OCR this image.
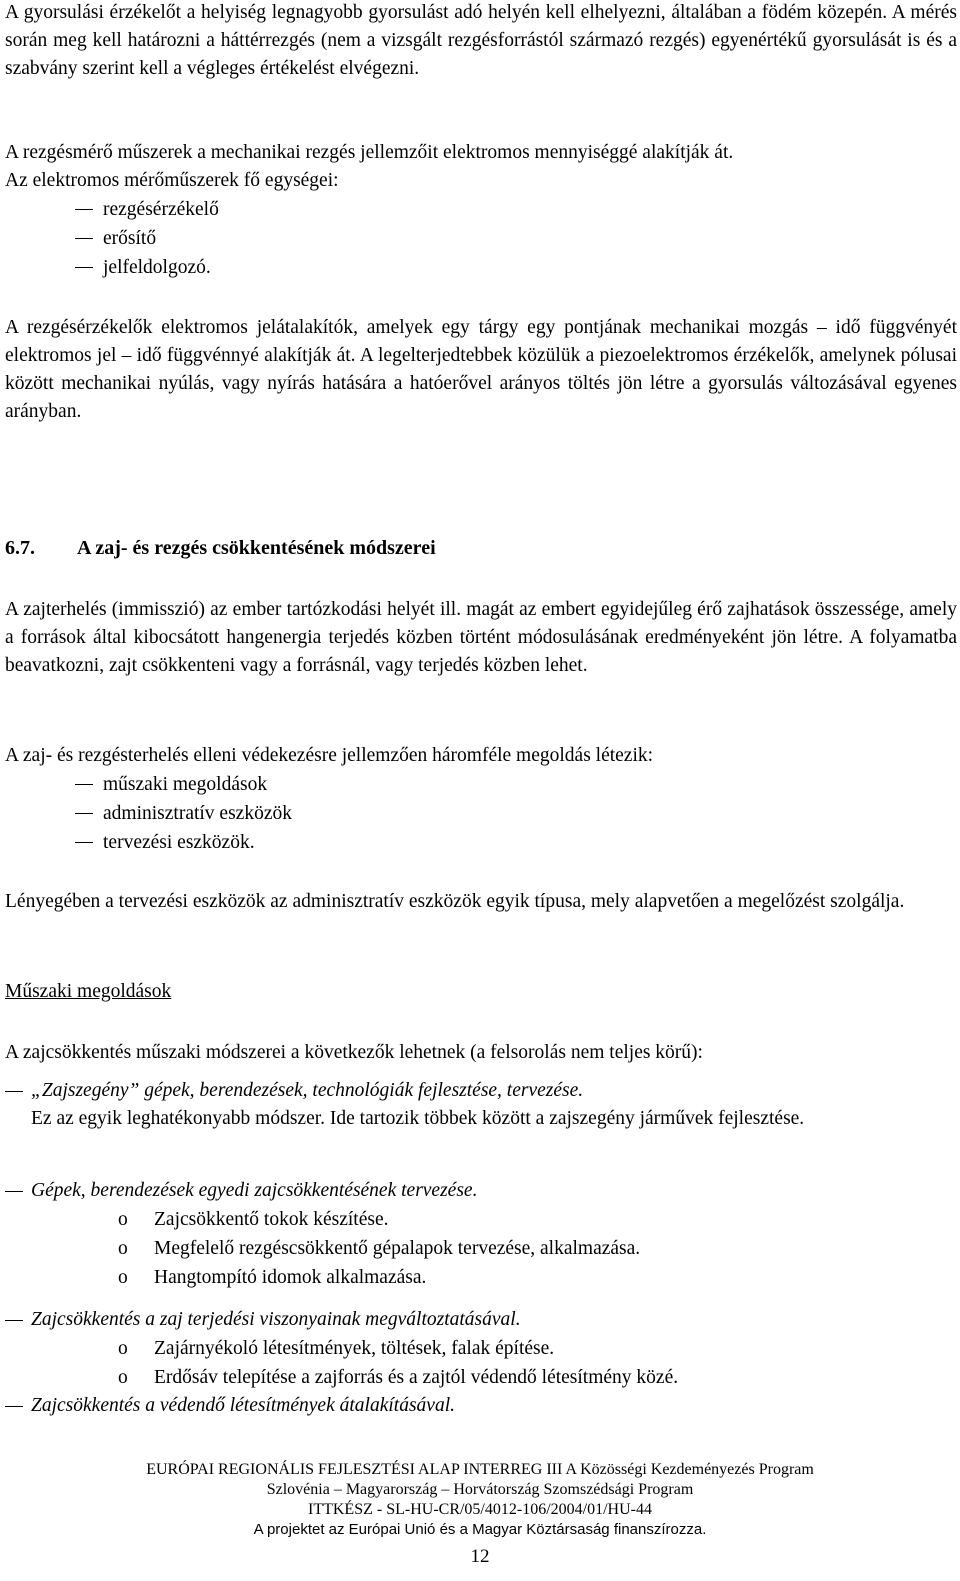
A gyorsulási érzékelőt a helyiség legnagyobb gyorsulást adó helyén kell elhelyezni, általában a födém közepén. A mérés során meg kell határozni a háttérrezgés (nem a vizsgált rezgésforrástól származó rezgés) egyenértékű gyorsulását is és a szabvány szerint kell a végleges értékelést elvégezni.
A rezgésmérő műszerek a mechanikai rezgés jellemzőit elektromos mennyiséggé alakítják át.
Az elektromos mérőműszerek fő egységei:
rezgésérzékelő
erősítő
jelfeldolgozó.
A rezgésérzékelők elektromos jelátalakítók, amelyek egy tárgy egy pontjának mechanikai mozgás – idő függvényét elektromos jel – idő függvénnyé alakítják át. A legelterjedtebbek közülük a piezoelektromos érzékelők, amelynek pólusai között mechanikai nyúlás, vagy nyírás hatására a hatóerővel arányos töltés jön létre a gyorsulás változásával egyenes arányban.
6.7. A zaj- és rezgés csökkentésének módszerei
A zajterhelés (immisszió) az ember tartózkodási helyét ill. magát az embert egyidejűleg érő zajhatások összessége, amely a források által kibocsátott hangenergia terjedés közben történt módosulásának eredményeként jön létre. A folyamatba beavatkozni, zajt csökkenteni vagy a forrásnál, vagy terjedés közben lehet.
A zaj- és rezgésterhelés elleni védekezésre jellemzően háromféle megoldás létezik:
műszaki megoldások
adminisztratív eszközök
tervezési eszközök.
Lényegében a tervezési eszközök az adminisztratív eszközök egyik típusa, mely alapvetően a megelőzést szolgálja.
Műszaki megoldások
A zajcsökkentés műszaki módszerei a következők lehetnek (a felsorolás nem teljes körű):
„Zajszegény” gépek, berendezések, technológiák fejlesztése, tervezése.
Ez az egyik leghatékonyabb módszer. Ide tartozik többek között a zajszegény járművek fejlesztése.
Gépek, berendezések egyedi zajcsökkentésének tervezése.
o Zajcsökkentő tokok készítése.
o Megfelelő rezgéscsökkentő gépalapok tervezése, alkalmazása.
o Hangtompító idomok alkalmazása.
Zajcsökkentés a zaj terjedési viszonyainak megváltoztatásával.
o Zajárnyékoló létesítmények, töltések, falak építése.
o Erdősáv telepítése a zajforrás és a zajtól védendő létesítmény közé.
Zajcsökkentés a védendő létesítmények átalakításával.
EURÓPAI REGIONÁLIS FEJLESZTÉSI ALAP INTERREG III A Közösségi Kezdeményezés Program
Szlovénia – Magyarország – Horvátország Szomszédsági Program
ITTKÉSZ - SL-HU-CR/05/4012-106/2004/01/HU-44
A projektet az Európai Unió és a Magyar Köztársaság finanszírozza.
12
